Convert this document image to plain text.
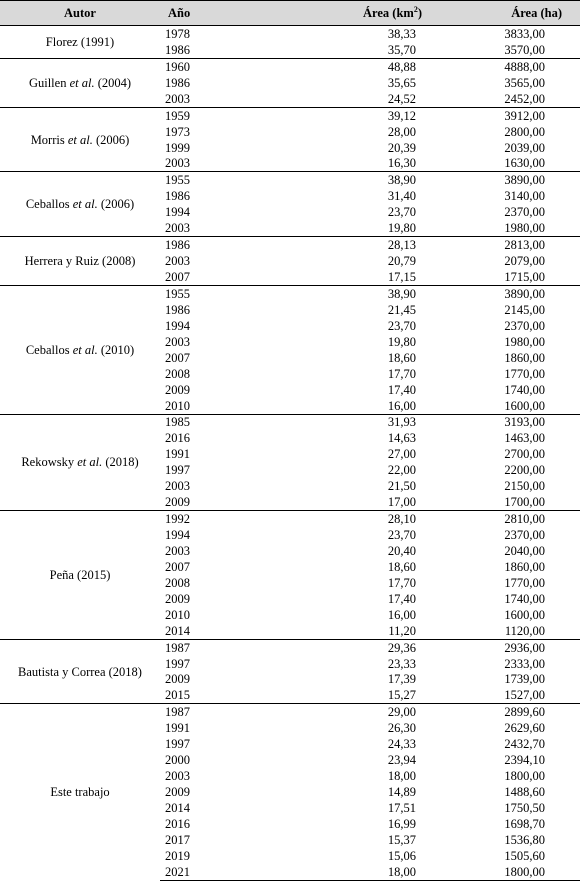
Autor	Año	Área $(km^2)$	Área (ha)
Florez (1991)	1978	38,33	3833,00
	1986	35,70	3570,00
Guillen et al. (2004)	1960	48,88	4888,00
	1986	35,65	3565,00
	2003	24,52	2452,00
Morris et al. (2006)	1959	39,12	3912,00
	1973	28,00	2800,00
	1999	20,39	2039,00
	2003	16,30	1630,00
Ceballos et al. (2006)	1955	38,90	3890,00
	1986	31,40	3140,00
	1994	23,70	2370,00
	2003	19,80	1980,00
Herrera y Ruiz (2008)	1986	28,13	2813,00
	2003	20,79	2079,00
	2007	17,15	1715,00
Ceballos et al. (2010)	1955	38,90	3890,00
	1986	21,45	2145,00
	1994	23,70	2370,00
	2003	19,80	1980,00
	2007	18,60	1860,00
	2008	17,70	1770,00
	2009	17,40	1740,00
	2010	16,00	1600,00
Rekowsky et al. (2018)	1985	31,93	3193,00
	2016	14,63	1463,00
	1991	27,00	2700,00
	1997	22,00	2200,00
	2003	21,50	2150,00
	2009	17,00	1700,00
Peña (2015)	1992	28,10	2810,00
	1994	23,70	2370,00
	2003	20,40	2040,00
	2007	18,60	1860,00
	2008	17,70	1770,00
	2009	17,40	1740,00
	2010	16,00	1600,00
	2014	11,20	1120,00
Bautista y Correa (2018)	1987	29,36	2936,00
	1997	23,33	2333,00
	2009	17,39	1739,00
	2015	15,27	1527,00
Este trabajo	1987	29,00	2899,60
	1991	26,30	2629,60
	1997	24,33	2432,70
	2000	23,94	2394,10
	2003	18,00	1800,00
	2009	14,89	1488,60
	2014	17,51	1750,50
	2016	16,99	1698,70
	2017	15,37	1536,80
	2019	15,06	1505,60
	2021	18,00	1800,00
